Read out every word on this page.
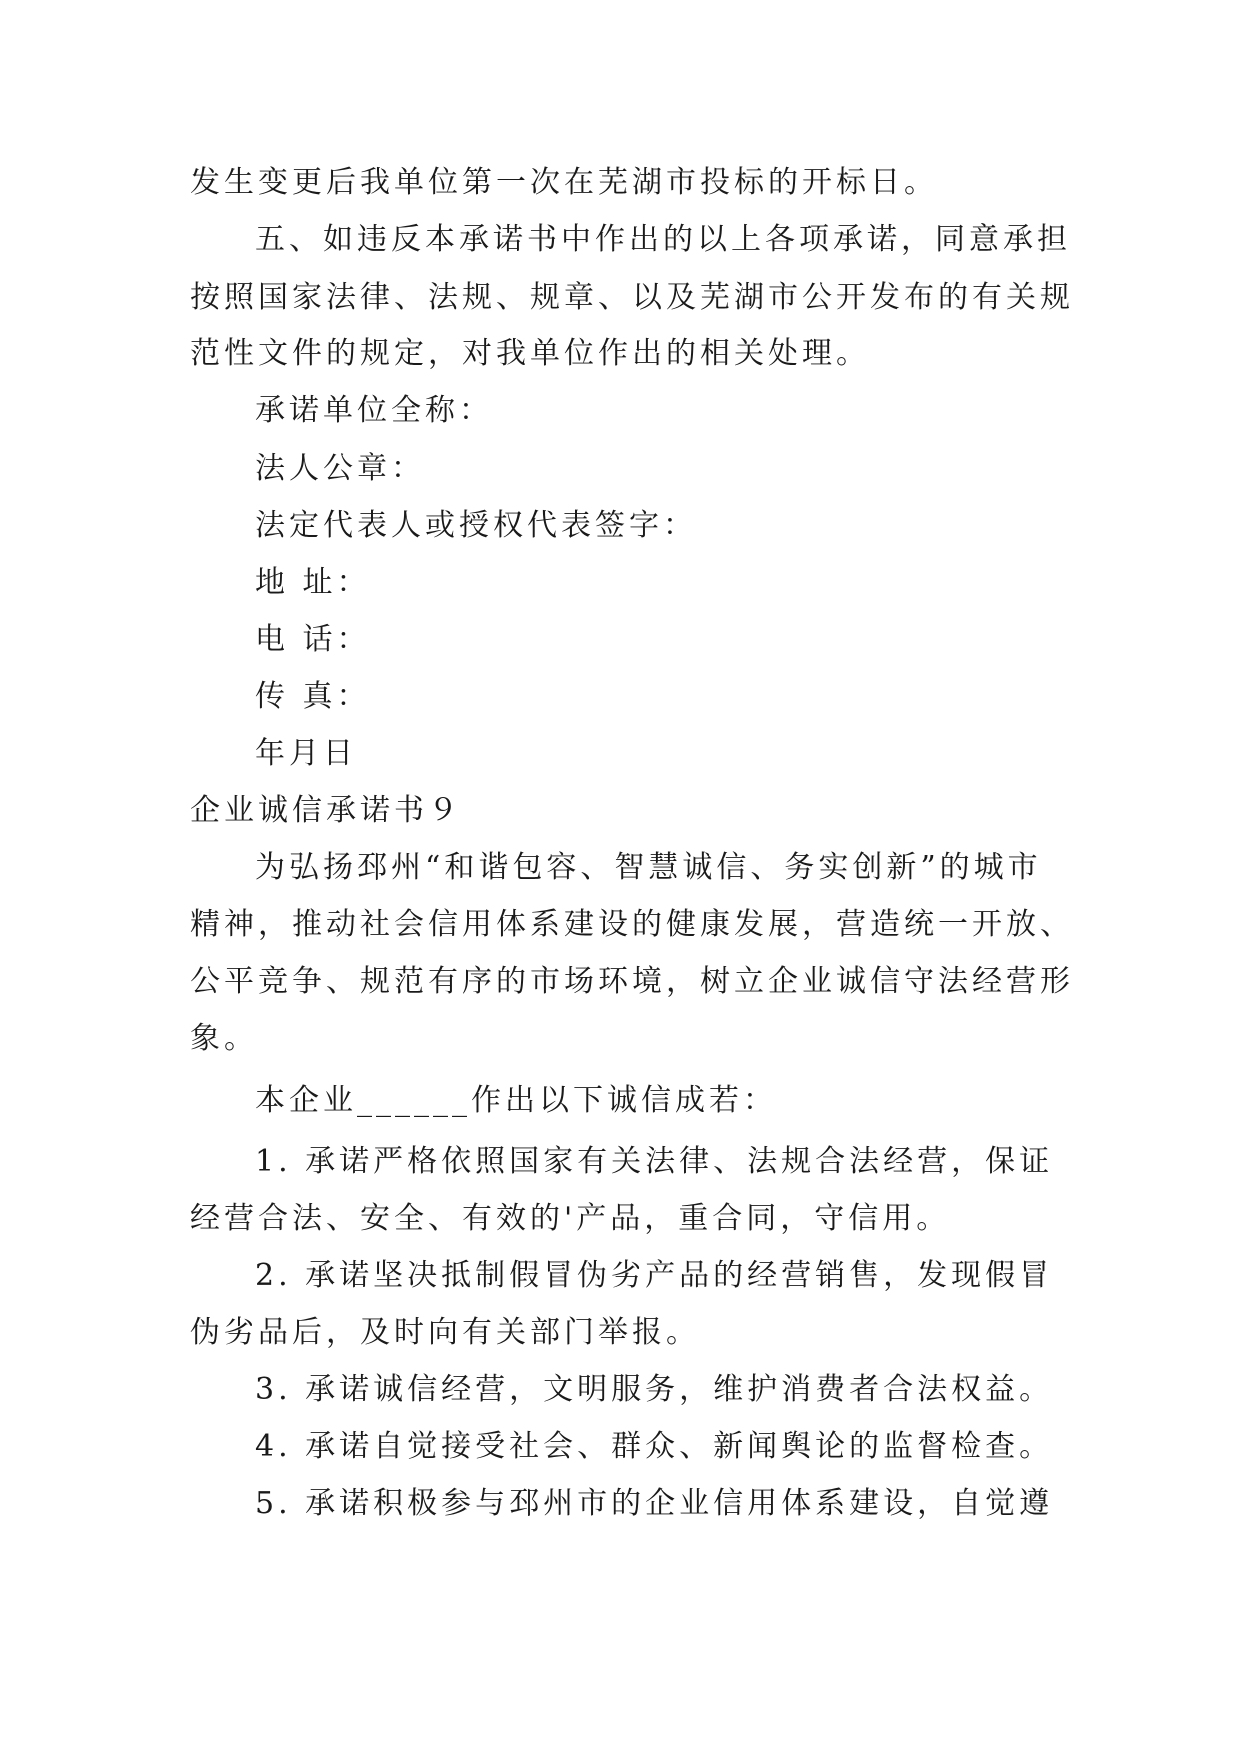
发生变更后我单位第一次在芜湖市投标的开标日。
五、如违反本承诺书中作出的以上各项承诺，同意承担
按照国家法律、法规、规章、以及芜湖市公开发布的有关规
范性文件的规定，对我单位作出的相关处理。
承诺单位全称：
法人公章：
法定代表人或授权代表签字：
地 址：
电 话：
传 真：
年月日
企业诚信承诺书９
为弘扬邳州“和谐包容、智慧诚信、务实创新”的城市
精神，推动社会信用体系建设的健康发展，营造统一开放、
公平竞争、规范有序的市场环境，树立企业诚信守法经营形
象。
本企业______作出以下诚信成若：
1. 承诺严格依照国家有关法律、法规合法经营，保证
经营合法、安全、有效的'产品，重合同，守信用。
2. 承诺坚决抵制假冒伪劣产品的经营销售，发现假冒
伪劣品后，及时向有关部门举报。
3. 承诺诚信经营，文明服务，维护消费者合法权益。
4. 承诺自觉接受社会、群众、新闻舆论的监督检查。
5. 承诺积极参与邳州市的企业信用体系建设，自觉遵
